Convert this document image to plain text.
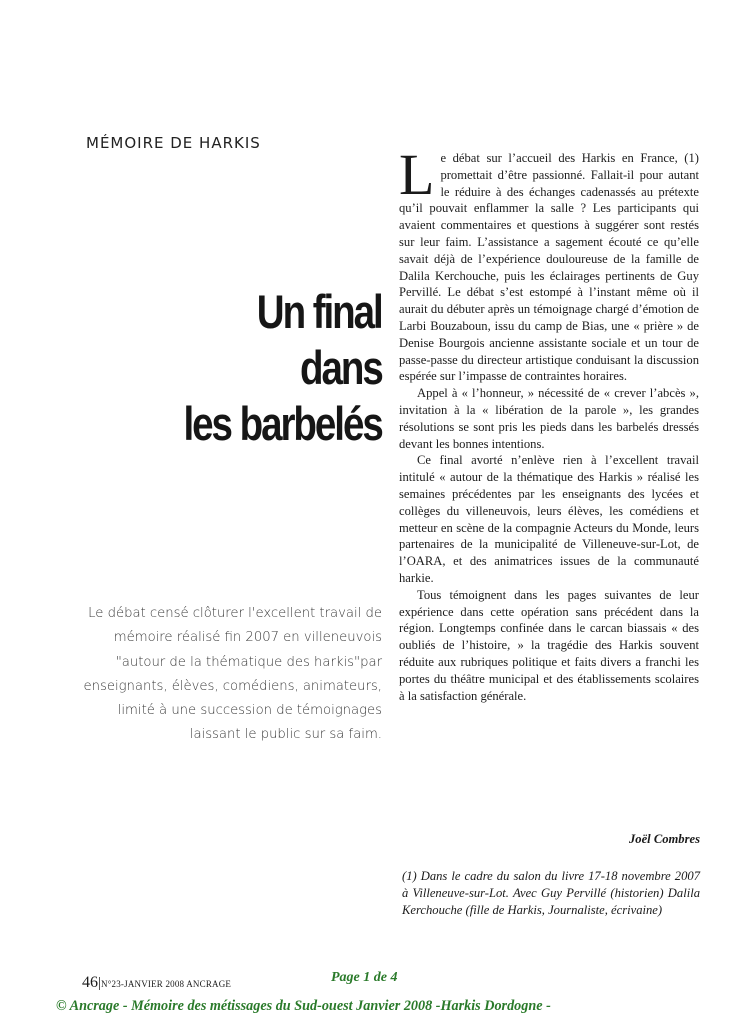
MÉMOIRE DE HARKIS
Un final
dans
les barbelés
Le débat censé clôturer l'excellent travail de mémoire réalisé fin 2007 en villeneuvois "autour de la thématique des harkis"par enseignants, élèves, comédiens, animateurs, limité à une succession de témoignages laissant le public sur sa faim.

Le débat sur l’accueil des Harkis en France, (1) promettait d’être passionné. Fallait-il pour autant le réduire à des échanges cadenassés au prétexte qu’il pouvait enflammer la salle ? Les participants qui avaient commentaires et questions à suggérer sont restés sur leur faim. L’assistance a sagement écouté ce qu’elle savait déjà de l’expérience douloureuse de la famille de Dalila Kerchouche, puis les éclairages pertinents de Guy Pervillé. Le débat s’est estompé à l’instant même où il aurait du débuter après un témoignage chargé d’émotion de Larbi Bouzaboun, issu du camp de Bias, une « prière » de Denise Bourgois ancienne assistante sociale et un tour de passe-passe du directeur artistique conduisant la discussion espérée sur l’impasse de contraintes horaires.

Appel à « l’honneur, » nécessité de « crever l’abcès », invitation à la « libération de la parole », les grandes résolutions se sont pris les pieds dans les barbelés dressés devant les bonnes intentions.

Ce final avorté n’enlève rien à l’excellent travail intitulé « autour de la thématique des Harkis » réalisé les semaines précédentes par les enseignants des lycées et collèges du villeneuvois, leurs élèves, les comédiens et metteur en scène de la compagnie Acteurs du Monde, leurs partenaires de la municipalité de Villeneuve-sur-Lot, de l’OARA, et des animatrices issues de la communauté harkie.

Tous témoignent dans les pages suivantes de leur expérience dans cette opération sans précédent dans la région. Longtemps confinée dans le carcan biassais « des oubliés de l’histoire, » la tragédie des Harkis souvent réduite aux rubriques politique et faits divers a franchi les portes du théâtre municipal et des établissements scolaires à la satisfaction générale.

Joël Combres
(1) Dans le cadre du salon du livre 17-18 novembre 2007 à Villeneuve-sur-Lot. Avec Guy Pervillé (historien) Dalila Kerchouche (fille de Harkis, Journaliste, écrivaine)
46|N°23-JANVIER 2008 ANCRAGE	Page 1 de 4
© Ancrage - Mémoire des métissages du Sud-ouest Janvier 2008 -Harkis Dordogne -
